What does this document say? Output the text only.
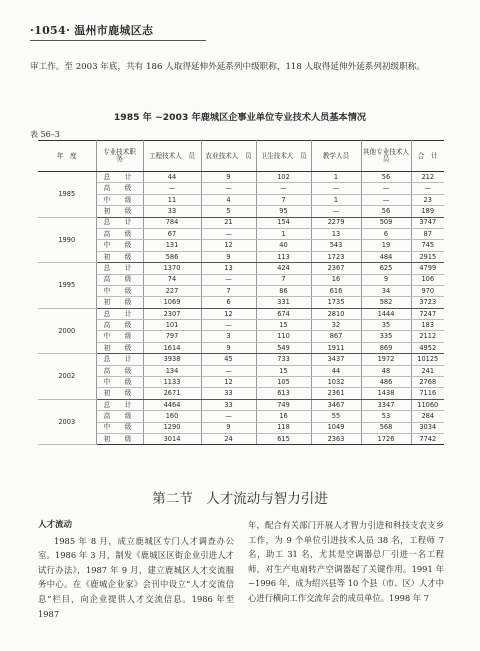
·1054· 温州市鹿城区志
审工作。至 2003 年底，共有 186 人取得延伸外延系列中级职称，118 人取得延伸外延系列初级职称。
1985 年 ~2003 年鹿城区企事业单位专业技术人员基本情况
表 56–3
年　度	专业技术职　务	工程技术人　员	农业技术人　员	卫生技术人　员	教学人员	其他专业技术人员	合　计
1985	总　计	44	9	102	1	56	212
	高　级	—	—	—	—	—	—
	中　级	11	4	7	1	—	23
	初　级	33	5	95	—	56	189
1990	总　计	784	21	154	2279	509	3747
	高　级	67	—	1	13	6	87
	中　级	131	12	40	543	19	745
	初　级	586	9	113	1723	484	2915
1995	总　计	1370	13	424	2367	625	4799
	高　级	74	—	7	16	9	106
	中　级	227	7	86	616	34	970
	初　级	1069	6	331	1735	582	3723
2000	总　计	2307	12	674	2810	1444	7247
	高　级	101	—	15	32	35	183
	中　级	797	3	110	867	335	2112
	初　级	1614	9	549	1911	869	4952
2002	总　计	3938	45	733	3437	1972	10125
	高　级	134	—	15	44	48	241
	中　级	1133	12	105	1032	486	2768
	初　级	2671	33	613	2361	1438	7116
2003	总　计	4464	33	749	3467	3347	11060
	高　级	160	—	16	55	53	284
	中　级	1290	9	118	1049	568	3034
	初　级	3014	24	615	2363	1726	7742
第二节　人才流动与智力引进
人才流动

1985 年 8 月，成立鹿城区专门人才调查办公室。1986 年 3 月，制发《鹿城区区街企业引进人才试行办法》，1987 年 9 月，建立鹿城区人才交流服务中心。在《鹿城企业家》会刊中设立“人才交流信息”栏目，向企业提供人才交流信息。1986 年至 1987

年，配合有关部门开展人才智力引进和科技支农支乡工作，为 9 个单位引进技术人员 38 名，工程师 7 名，助工 31 名，尤其是空调器总厂引进一名工程师，对生产电扇转产空调器起了关键作用。1991 年~1996 年，成为绍兴县等 10 个县（市、区）人才中心进行横向工作交流年会的成员单位。1998 年 7
